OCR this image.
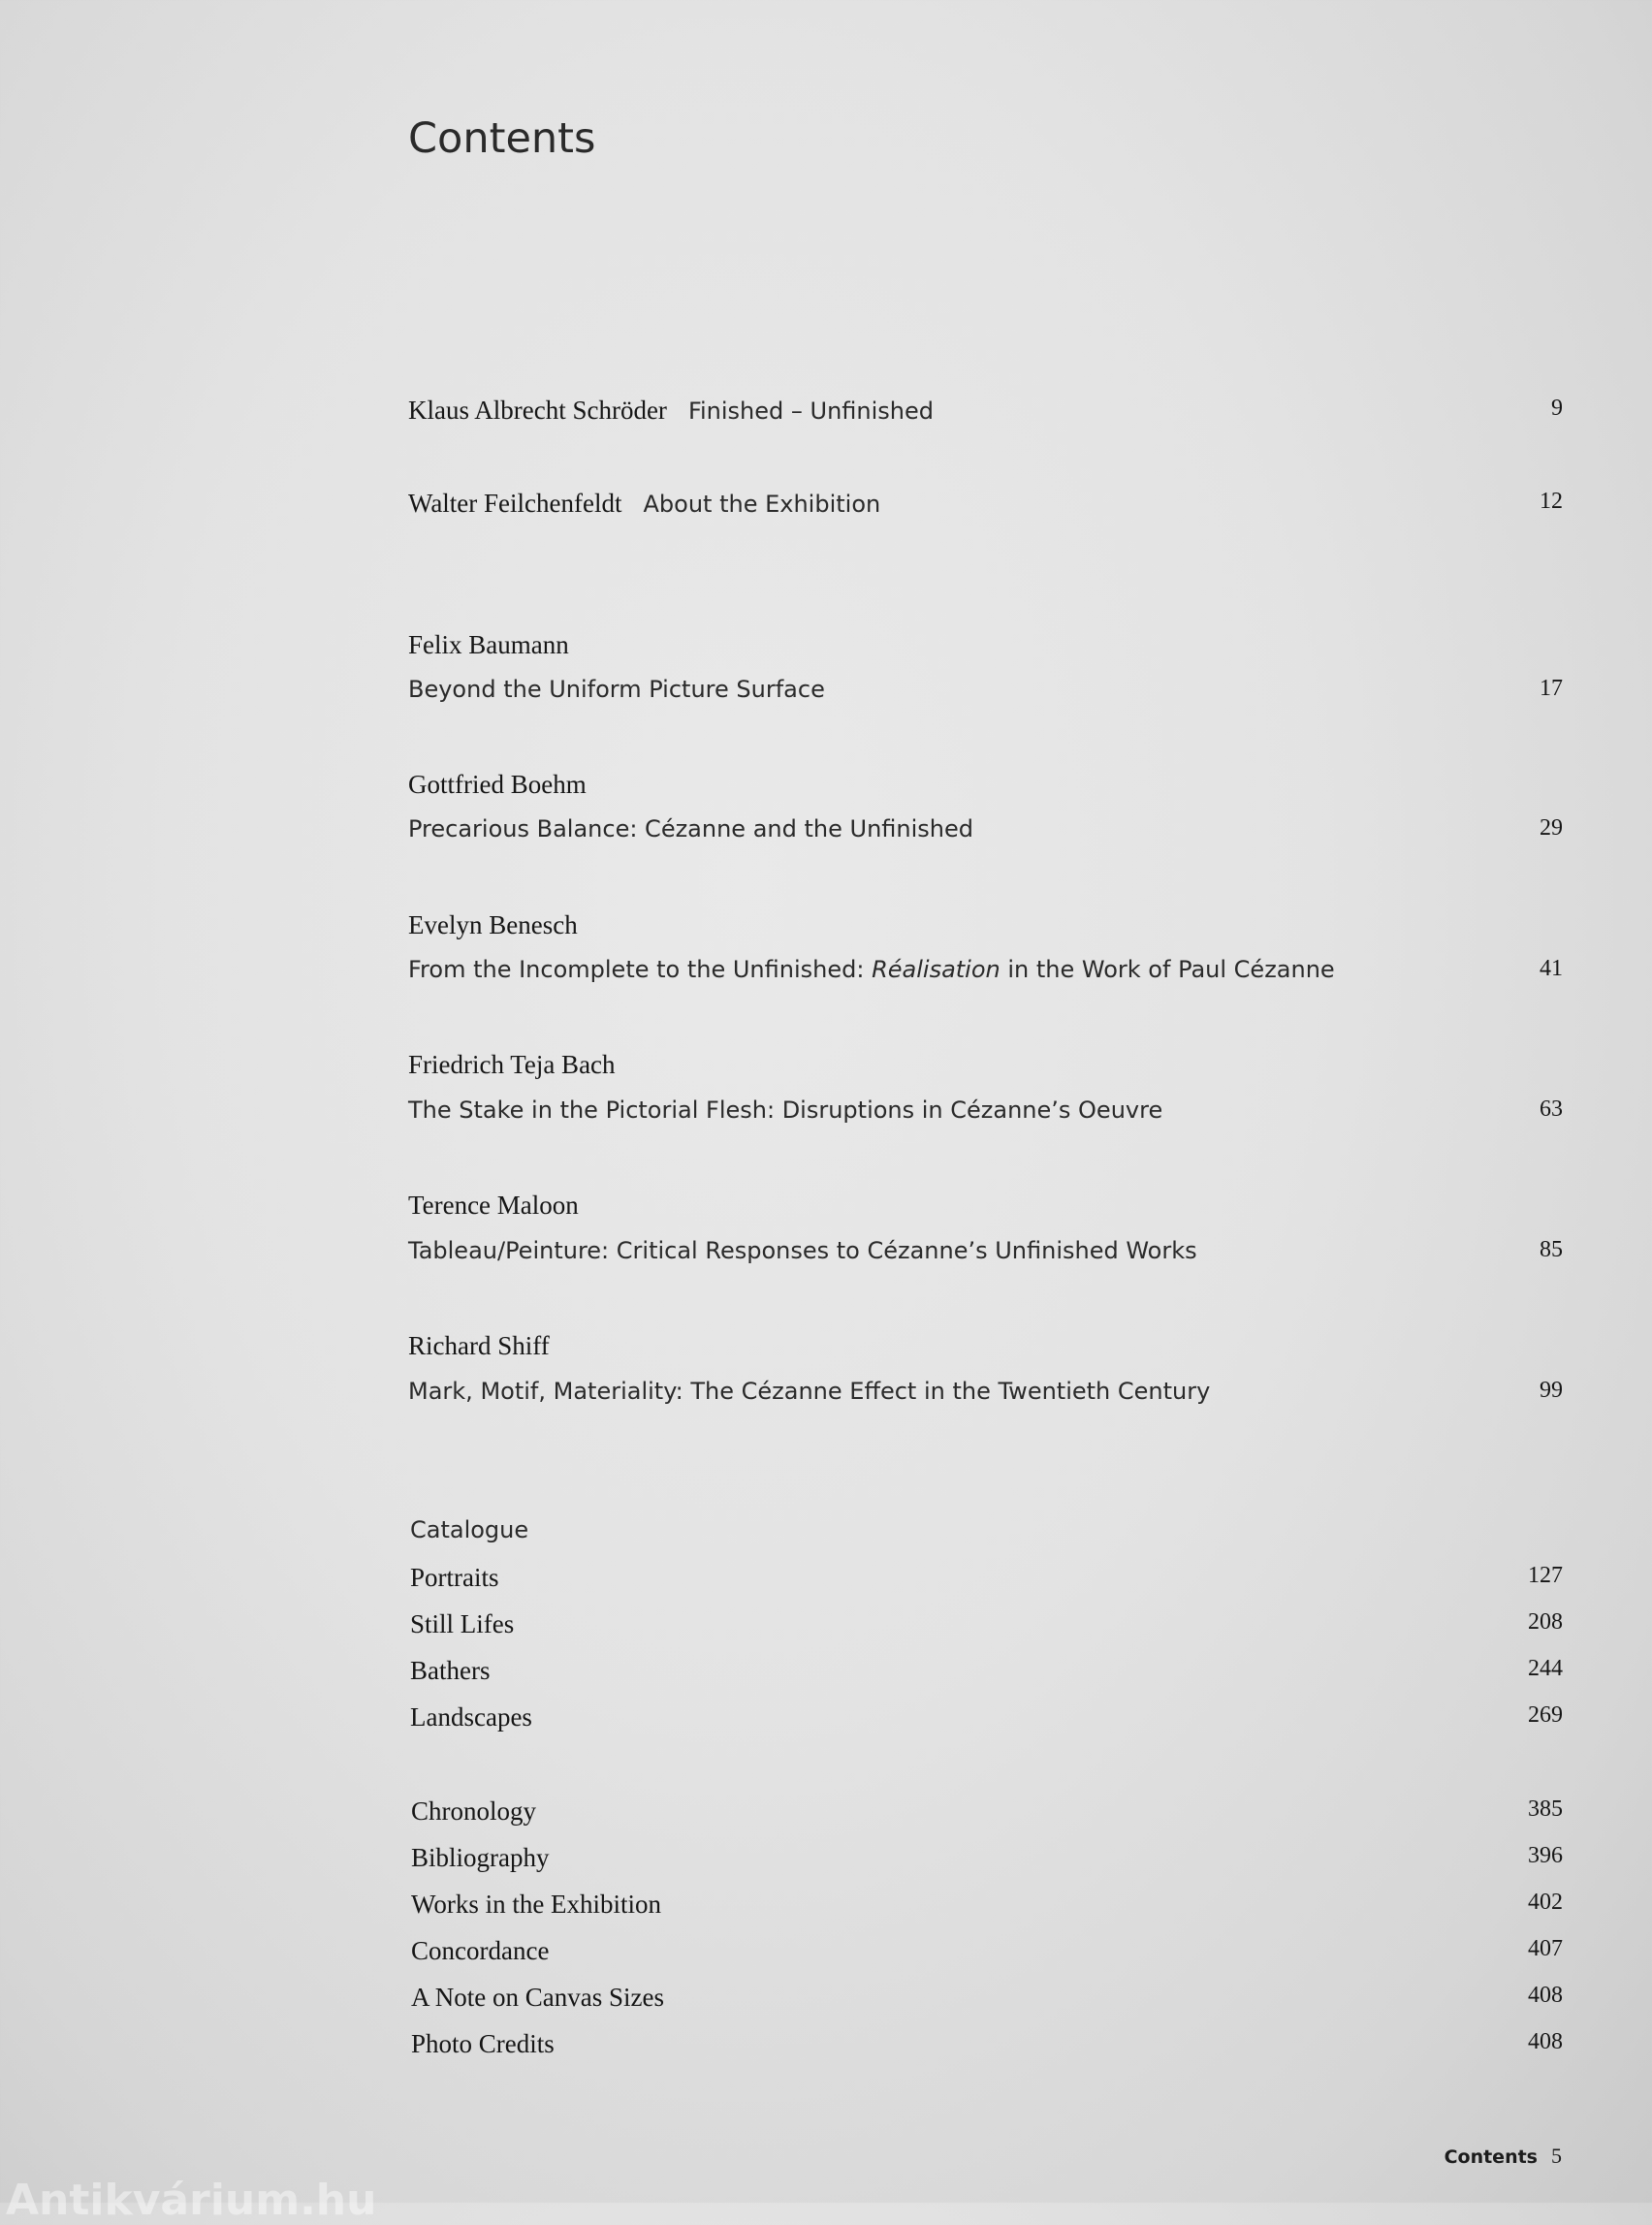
Contents
Klaus Albrecht Schröder Finished – Unfinished	9
Walter Feilchenfeldt About the Exhibition	12
Felix Baumann
Beyond the Uniform Picture Surface	17
Gottfried Boehm
Precarious Balance: Cézanne and the Unfinished	29
Evelyn Benesch
From the Incomplete to the Unfinished: Réalisation in the Work of Paul Cézanne	41
Friedrich Teja Bach
The Stake in the Pictorial Flesh: Disruptions in Cézanne’s Oeuvre	63
Terence Maloon
Tableau/Peinture: Critical Responses to Cézanne’s Unfinished Works	85
Richard Shiff
Mark, Motif, Materiality: The Cézanne Effect in the Twentieth Century	99
Catalogue
Portraits	127
Still Lifes	208
Bathers	244
Landscapes	269
Chronology	385
Bibliography	396
Works in the Exhibition	402
Concordance	407
A Note on Canvas Sizes	408
Photo Credits	408
Contents 5
Antikvárium.hu
